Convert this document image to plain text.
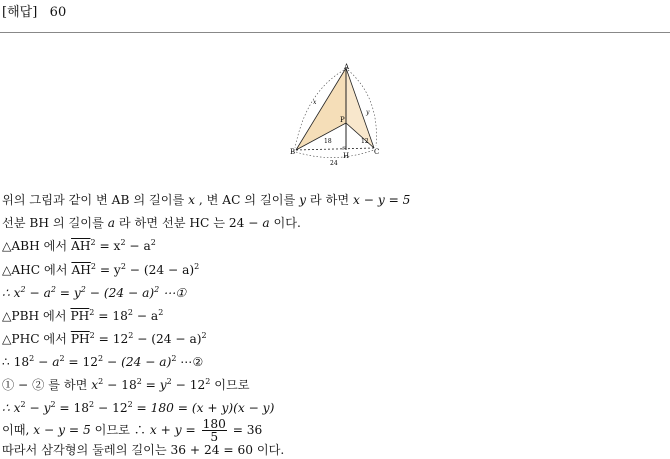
[해답] 60
A
B	C
P
H
x
y
18	12
24
위의 그림과 같이 변 AB 의 길이를 x , 변 AC 의 길이를 y 라 하면 x − y = 5
선분 BH 의 길이를 a 라 하면 선분 HC 는 24 − a 이다.
△ABH 에서 $\overline{AH}^2 = x^2 - a^2$
△AHC 에서 $\overline{AH}^2 = y^2 - (24 - a)^2$
∴ $x^2 - a^2 = y^2 - (24 - a)^2$ ⋯①
△PBH 에서 $\overline{PH}^2 = 18^2 - a^2$
△PHC 에서 $\overline{PH}^2 = 12^2 - (24 - a)^2$
∴ $18^2 - a^2 = 12^2 - (24 - a)^2$ ⋯②
① − ② 를 하면 $x^2 - 18^2 = y^2 - 12^2$ 이므로
∴ $x^2 - y^2 = 18^2 - 12^2 = 180 = (x + y)(x - y)$
이때, x − y = 5 이므로 ∴ $x + y = \frac{180}{5} = 36$
따라서 삼각형의 둘레의 길이는 36 + 24 = 60 이다.
